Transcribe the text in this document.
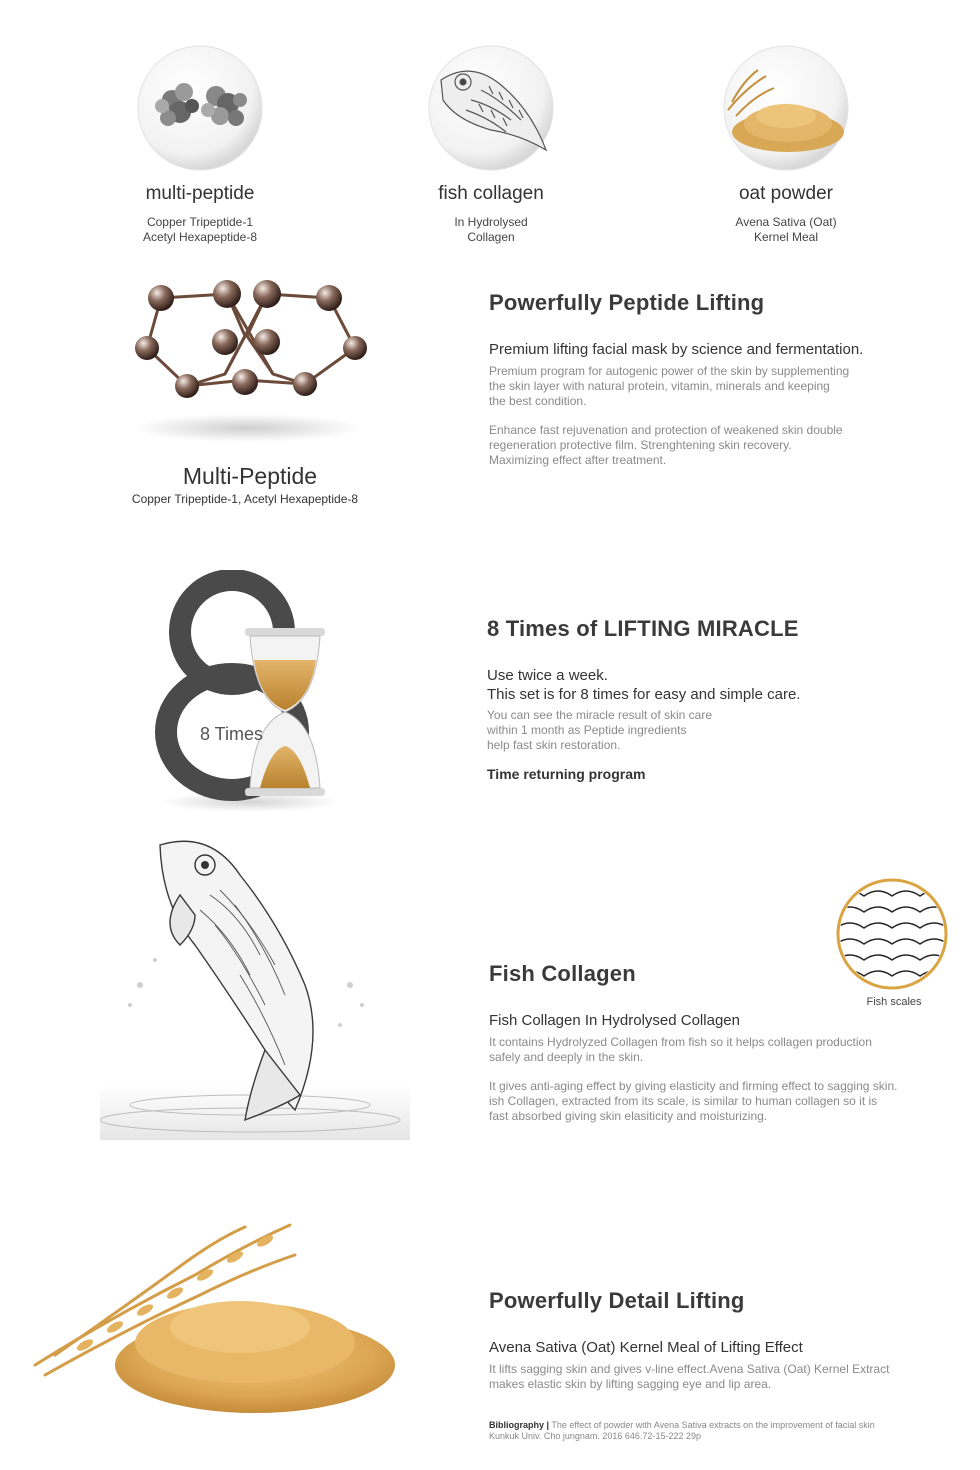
multi-peptide
Copper Tripeptide-1
Acetyl Hexapeptide-8
fish collagen
In Hydrolysed
Collagen
oat powder
Avena Sativa (Oat)
Kernel Meal
Multi-Peptide
Copper Tripeptide-1, Acetyl Hexapeptide-8
Powerfully Peptide Lifting
Premium lifting facial mask by science and fermentation.
Premium program for autogenic power of the skin by supplementing
the skin layer with natural protein, vitamin, minerals and keeping
the best condition.
Enhance fast rejuvenation and protection of weakened skin double
regeneration protective film. Strenghtening skin recovery.
Maximizing effect after treatment.
8 Times
8 Times of LIFTING MIRACLE
Use twice a week.
This set is for 8 times for easy and simple care.
You can see the miracle result of skin care
within 1 month as Peptide ingredients
help fast skin restoration.
Time returning program
Fish scales
Fish Collagen
Fish Collagen In Hydrolysed Collagen
It contains Hydrolyzed Collagen from fish so it helps collagen production
safely and deeply in the skin.
It gives anti-aging effect by giving elasticity and firming effect to sagging skin.
ish Collagen, extracted from its scale, is similar to human collagen so it is
fast absorbed giving skin elasiticity and moisturizing.
Powerfully Detail Lifting
Avena Sativa (Oat) Kernel Meal of Lifting Effect
It lifts sagging skin and gives v-line effect.Avena Sativa (Oat) Kernel Extract
makes elastic skin by lifting sagging eye and lip area.
Bibliography | The effect of powder with Avena Sativa extracts on the improvement of facial skin
Kunkuk Univ. Cho jungnam. 2016 646.72-15-222 29p
